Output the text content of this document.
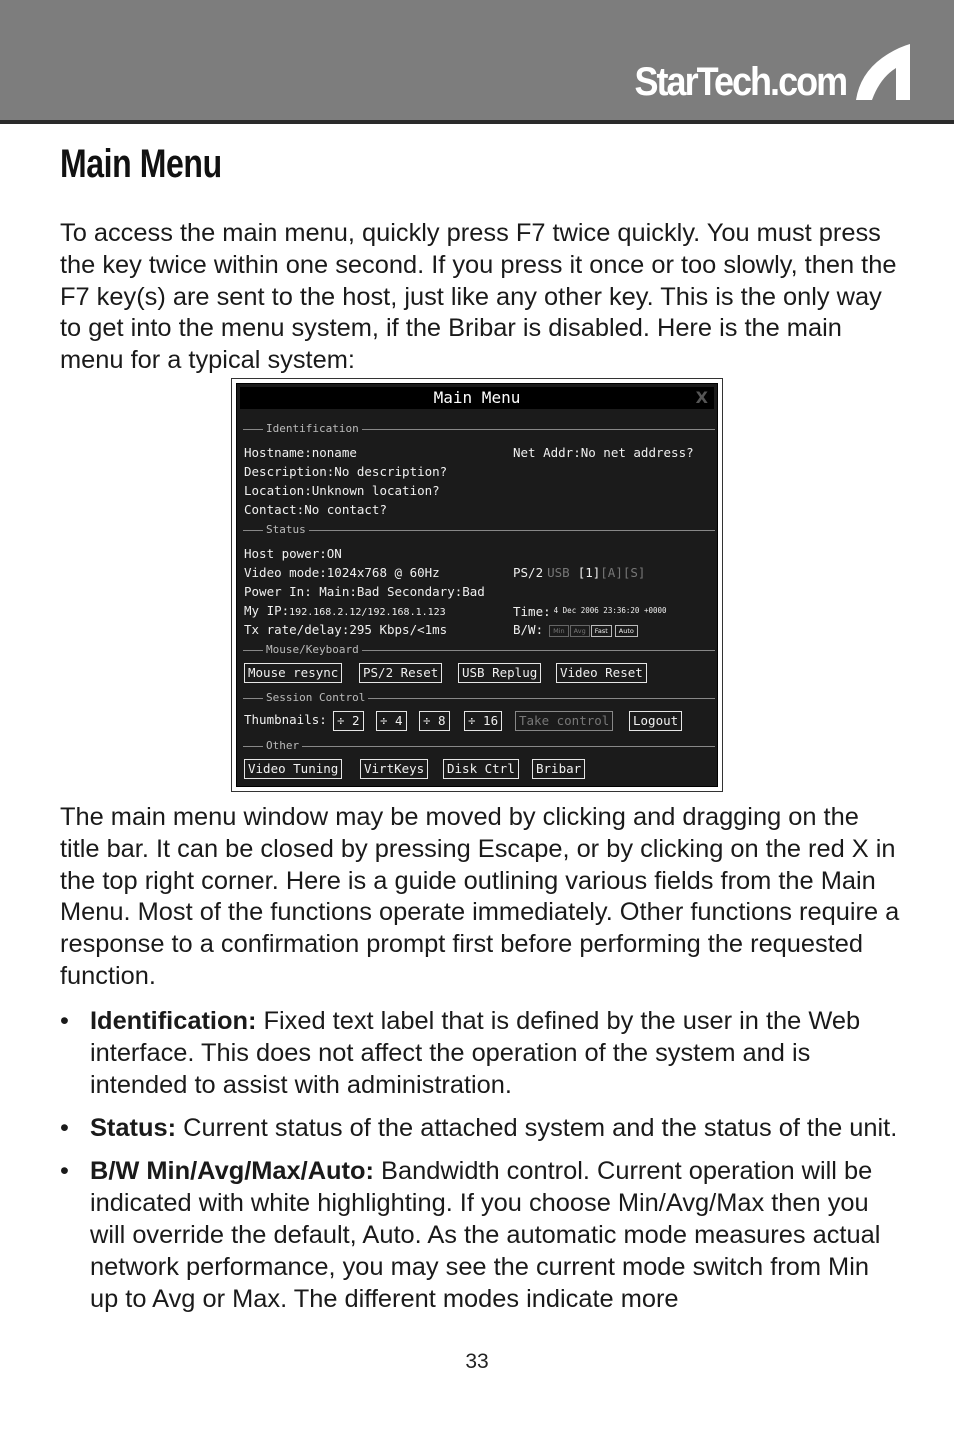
StarTech.com
Main Menu

To access the main menu, quickly press F7 twice quickly. You must press the key twice within one second. If you press it once or too slowly, then the F7 key(s) are sent to the host, just like any other key. This is the only way to get into the menu system, if the Bribar is disabled. Here is the main menu for a typical system:

Main Menu	X
Identification
Hostname:noname	Net Addr:No net address?
Description:No description?
Location:Unknown location?
Contact:No contact?
Status
Host power:ON
Video mode:1024x768 @ 60Hz	PS/2 USB [1][A][S]
Power In: Main:Bad Secondary:Bad
My IP:192.168.2.12/192.168.1.123	Time: $^{4 Dec 2006 23:36:20 +0000}$
Tx rate/delay:295 Kbps/<1ms	B/W: Min Avg Fast Auto
Mouse/Keyboard
Mouse resync	PS/2 Reset	USB Replug	Video Reset
Session Control
Thumbnails: ÷ 2	÷ 4	÷ 8	÷ 16	Take control	Logout
Other
Video Tuning	VirtKeys	Disk Ctrl	Bribar

The main menu window may be moved by clicking and dragging on the title bar. It can be closed by pressing Escape, or by clicking on the red X in the top right corner. Here is a guide outlining various fields from the Main Menu. Most of the functions operate immediately. Other functions require a response to a confirmation prompt first before performing the requested function.

• Identification: Fixed text label that is defined by the user in the Web interface. This does not affect the operation of the system and is intended to assist with administration.
• Status: Current status of the attached system and the status of the unit.
• B/W Min/Avg/Max/Auto: Bandwidth control. Current operation will be indicated with white highlighting. If you choose Min/Avg/Max then you will override the default, Auto. As the automatic mode measures actual network performance, you may see the current mode switch from Min up to Avg or Max. The different modes indicate more
33
